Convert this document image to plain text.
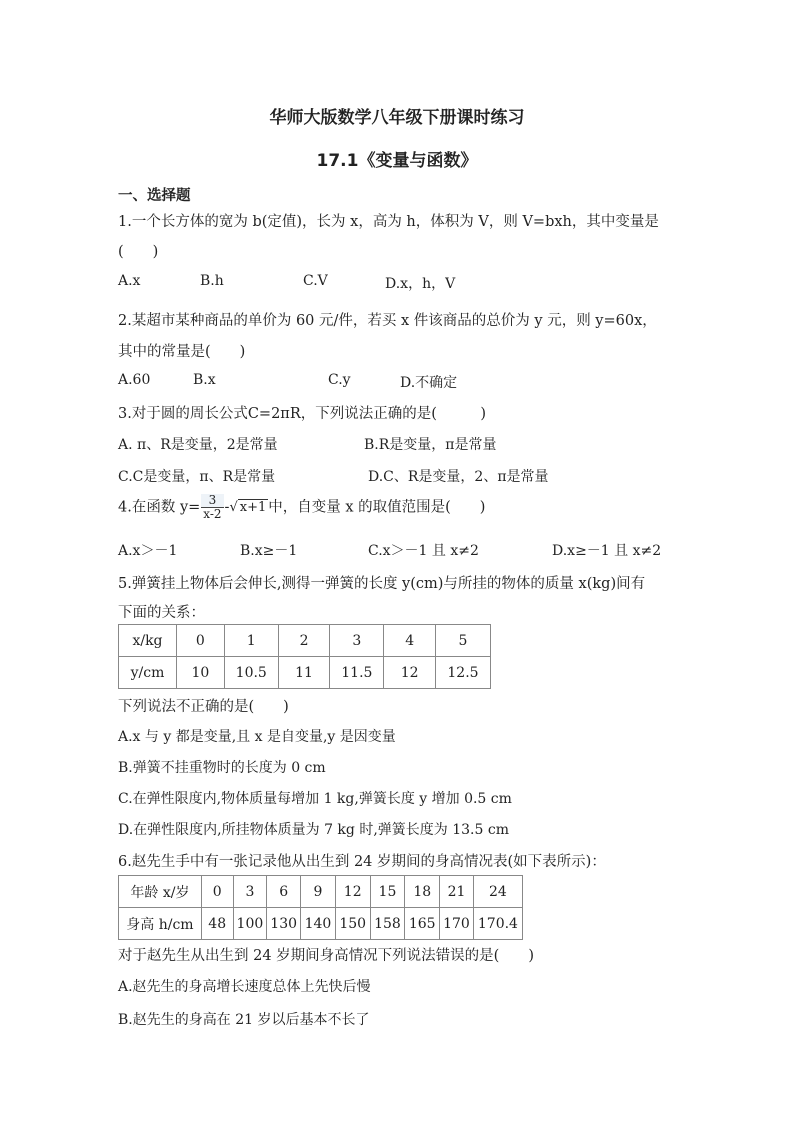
华师大版数学八年级下册课时练习
17.1《变量与函数》
一、选择题
1.一个长方体的宽为 b(定值)，长为 x，高为 h，体积为 V，则 V=bxh，其中变量是
(　　)
A.x	B.h	C.V	D.x，h，V
2.某超市某种商品的单价为 60 元/件，若买 x 件该商品的总价为 y 元，则 y=60x，
其中的常量是(　　)
A.60	B.x	C.y	D.不确定
3.对于圆的周长公式C=2πR，下列说法正确的是(　　　)
A. π、R是变量，2是常量	B.R是变量，π是常量
C.C是变量，π、R是常量	D.C、R是变量，2、π是常量
4.在函数 $y= \frac{3}{x-2}$ -√ x+1 中，自变量 x 的取值范围是(　　)
A.x＞－1	B.x≥－1	C.x＞－1 且 x≠2	D.x≥－1 且 x≠2
5.弹簧挂上物体后会伸长,测得一弹簧的长度 y(cm)与所挂的物体的质量 x(kg)间有
下面的关系：
x/kg	0	1	2	3	4	5
y/cm	10	10.5	11	11.5	12	12.5
下列说法不正确的是(　　)
A.x 与 y 都是变量,且 x 是自变量,y 是因变量
B.弹簧不挂重物时的长度为 0 cm
C.在弹性限度内,物体质量每增加 1 kg,弹簧长度 y 增加 0.5 cm
D.在弹性限度内,所挂物体质量为 7 kg 时,弹簧长度为 13.5 cm
6.赵先生手中有一张记录他从出生到 24 岁期间的身高情况表(如下表所示)：
年龄 x/岁	0	3	6	9	12	15	18	21	24
身高 h/cm	48	100	130	140	150	158	165	170	170.4
对于赵先生从出生到 24 岁期间身高情况下列说法错误的是(　　)
A.赵先生的身高增长速度总体上先快后慢
B.赵先生的身高在 21 岁以后基本不长了
